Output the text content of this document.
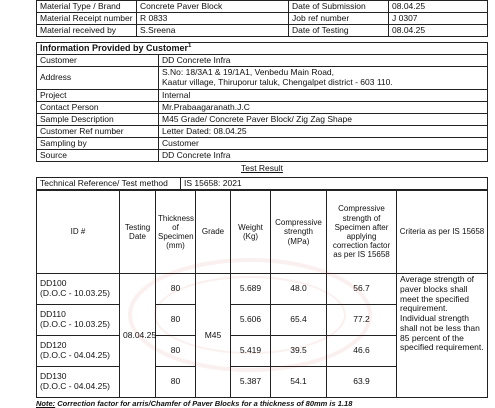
Material Type / Brand	Concrete Paver Block	Date of Submission	08.04.25
Material Receipt number	R 0833	Job ref number	J 0307
Material received by	S.Sreena	Date of Testing	08.04.25
Information Provided by Customer$^1$
Customer	DD Concrete Infra
Address	S.No: 18/3A1 & 19/1A1, Venbedu Main Road,
Kaatur village, Thiruporur taluk, Chengalpet district - 603 110.

Project	Internal
Contact Person	Mr.Prabaagaranath.J.C
Sample Description	M45 Grade/ Concrete Paver Block/ Zig Zag Shape
Customer Ref number	Letter Dated: 08.04.25
Sampling by	Customer
Source	DD Concrete Infra
Test Result
Technical Reference/ Test method	IS 15658: 2021
ID #	Testing Date	Thickness of Specimen (mm)	Grade	Weight (Kg)	Compressive strength (MPa)	Compressive strength of Specimen after applying correction factor as per IS 15658	Criteria as per IS 15658

DD100
(D.O.C - 10.03.25)	08.04.25	80	M45	5.689	48.0	56.7	Average strength of paver blocks shall meet the specified requirement. Individual strength shall not be less than 85 percent of the specified requirement.

DD110
(D.O.C - 10.03.25)		80		5.606	65.4	77.2	

DD120
(D.O.C - 04.04.25)		80		5.419	39.5	46.6	

DD130
(D.O.C - 04.04.25)		80		5.387	54.1	63.9	
Note: Correction factor for arris/Chamfer of Paver Blocks for a thickness of 80mm is 1.18
